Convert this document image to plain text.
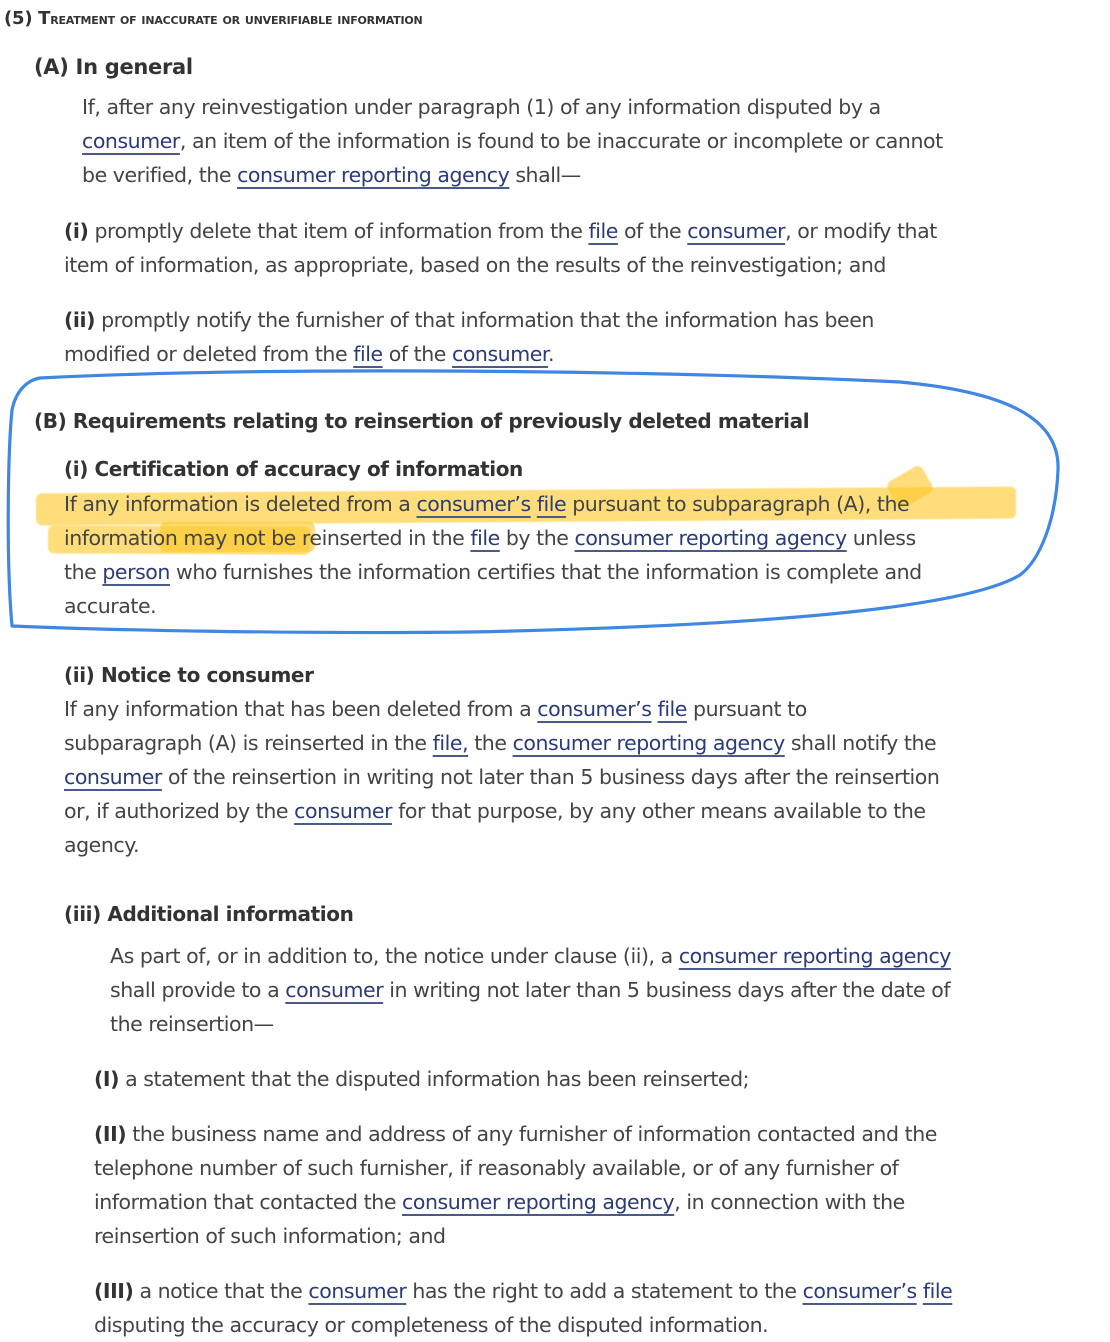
(5) Treatment of inaccurate or unverifiable information
(A) In general
If, after any reinvestigation under paragraph (1) of any information disputed by a
consumer, an item of the information is found to be inaccurate or incomplete or cannot
be verified, the consumer reporting agency shall—
(i) promptly delete that item of information from the file of the consumer, or modify that
item of information, as appropriate, based on the results of the reinvestigation; and
(ii) promptly notify the furnisher of that information that the information has been
modified or deleted from the file of the consumer.
(B) Requirements relating to reinsertion of previously deleted material
(i) Certification of accuracy of information
If any information is deleted from a consumer’s file pursuant to subparagraph (A), the
information may not be reinserted in the file by the consumer reporting agency unless
the person who furnishes the information certifies that the information is complete and
accurate.
(ii) Notice to consumer
If any information that has been deleted from a consumer’s file pursuant to
subparagraph (A) is reinserted in the file, the consumer reporting agency shall notify the
consumer of the reinsertion in writing not later than 5 business days after the reinsertion
or, if authorized by the consumer for that purpose, by any other means available to the
agency.
(iii) Additional information
As part of, or in addition to, the notice under clause (ii), a consumer reporting agency
shall provide to a consumer in writing not later than 5 business days after the date of
the reinsertion—
(I) a statement that the disputed information has been reinserted;
(II) the business name and address of any furnisher of information contacted and the
telephone number of such furnisher, if reasonably available, or of any furnisher of
information that contacted the consumer reporting agency, in connection with the
reinsertion of such information; and
(III) a notice that the consumer has the right to add a statement to the consumer’s file
disputing the accuracy or completeness of the disputed information.
